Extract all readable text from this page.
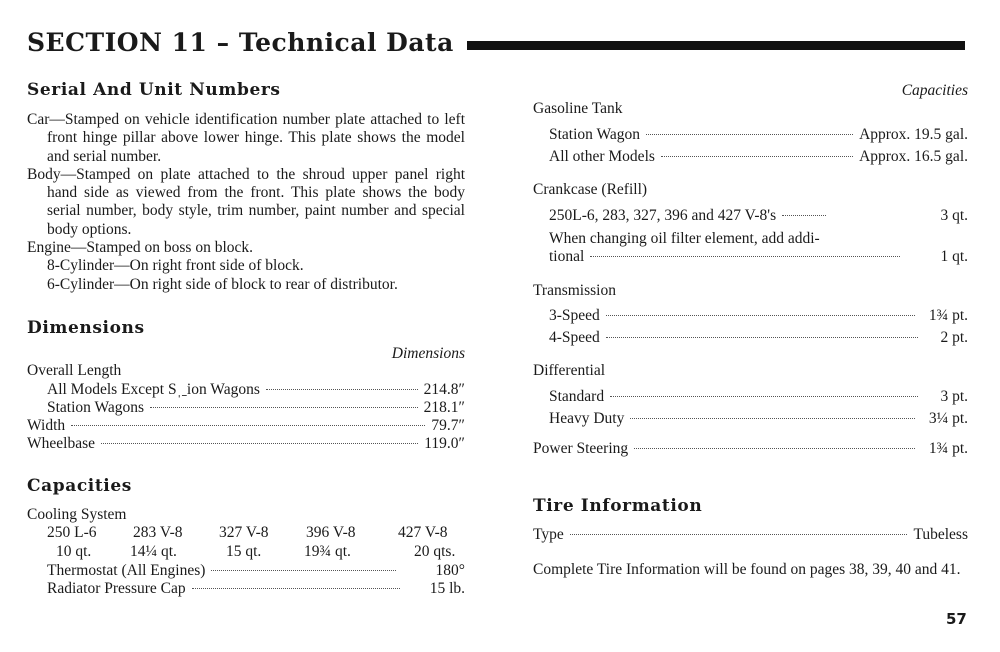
SECTION 11 – Technical Data
Serial And Unit Numbers
Car—Stamped on vehicle identification number plate attached to left front hinge pillar above lower hinge. This plate shows the model and serial number.
Body—Stamped on plate attached to the shroud upper panel right hand side as viewed from the front. This plate shows the body serial number, body style, trim number, paint number and special body options.
Engine—Stamped on boss on block.
8-Cylinder—On right front side of block.
6-Cylinder—On right side of block to rear of distributor.
Dimensions
Dimensions
Overall Length
All Models Except Sˌˍion Wagons	214.8″
Station Wagons	218.1″
Width	79.7″
Wheelbase	119.0″
Capacities
Cooling System
250 L-6	283 V-8	327 V-8	396 V-8	427 V-8
10 qt.	14¼ qt.	15 qt.	19¾ qt.	20 qts.
Thermostat (All Engines)	180°
Radiator Pressure Cap	15 lb.
Capacities
Gasoline Tank
Station Wagon	Approx. 19.5 gal.
All other Models	Approx. 16.5 gal.
Crankcase (Refill)
250L-6, 283, 327, 396 and 427 V-8's	3 qt.
When changing oil filter element, add addi-
tional	1 qt.
Transmission
3-Speed	1¾ pt.
4-Speed	2 pt.
Differential
Standard	3 pt.
Heavy Duty	3¼ pt.
Power Steering	1¾ pt.
Tire Information
Type	Tubeless
Complete Tire Information will be found on pages 38, 39, 40 and 41.
57
